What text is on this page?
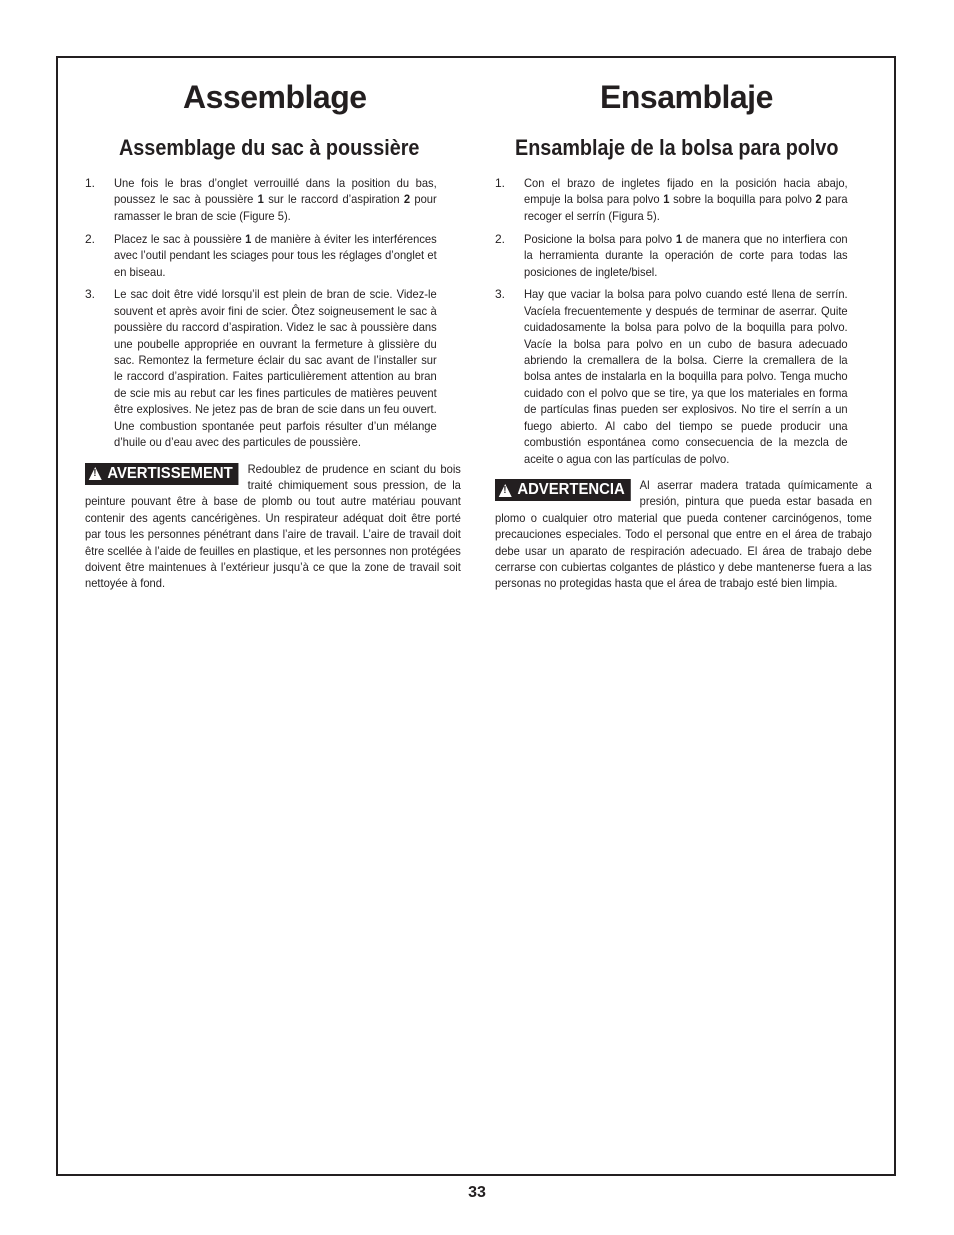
Assemblage
Assemblage du sac à poussière
1.	Une fois le bras d’onglet verrouillé dans la position du bas, poussez le sac à poussière 1 sur le raccord d’aspiration 2 pour ramasser le bran de scie (Figure 5).
2.	Placez le sac à poussière 1 de manière à éviter les interférences avec l’outil pendant les sciages pour tous les réglages d’onglet et en biseau.
3.	Le sac doit être vidé lorsqu’il est plein de bran de scie. Videz-le souvent et après avoir fini de scier. Ôtez soigneusement le sac à poussière du raccord d’aspiration. Videz le sac à poussière dans une poubelle appropriée en ouvrant la fermeture à glissière du sac. Remontez la fermeture éclair du sac avant de l’installer sur le raccord d’aspiration. Faites particulièrement attention au bran de scie mis au rebut car les fines particules de matières peuvent être explosives. Ne jetez pas de bran de scie dans un feu ouvert. Une combustion spontanée peut parfois résulter d’un mélange d’huile ou d’eau avec des particules de poussière.
!
AVERTISSEMENT Redoublez de prudence en sciant du bois traité chimiquement sous pression, de la peinture pouvant être à base de plomb ou tout autre matériau pouvant contenir des agents cancérigènes. Un respirateur adéquat doit être porté par tous les personnes pénétrant dans l’aire de travail. L’aire de travail doit être scellée à l’aide de feuilles en plastique, et les personnes non protégées doivent être maintenues à l’extérieur jusqu’à ce que la zone de travail soit nettoyée à fond.
Ensamblaje
Ensamblaje de la bolsa para polvo
1.	Con el brazo de ingletes fijado en la posición hacia abajo, empuje la bolsa para polvo 1 sobre la boquilla para polvo 2 para recoger el serrín (Figura 5).
2.	Posicione la bolsa para polvo 1 de manera que no interfiera con la herramienta durante la operación de corte para todas las posiciones de inglete/bisel.
3.	Hay que vaciar la bolsa para polvo cuando esté llena de serrín. Vacíela frecuentemente y después de terminar de aserrar. Quite cuidadosamente la bolsa para polvo de la boquilla para polvo. Vacíe la bolsa para polvo en un cubo de basura adecuado abriendo la cremallera de la bolsa. Cierre la cremallera de la bolsa antes de instalarla en la boquilla para polvo. Tenga mucho cuidado con el polvo que se tire, ya que los materiales en forma de partículas finas pueden ser explosivos. No tire el serrín a un fuego abierto. Al cabo del tiempo se puede producir una combustión espontánea como consecuencia de la mezcla de aceite o agua con las partículas de polvo.
!
ADVERTENCIA Al aserrar madera tratada químicamente a presión, pintura que pueda estar basada en plomo o cualquier otro material que pueda contener carcinógenos, tome precauciones especiales. Todo el personal que entre en el área de trabajo debe usar un aparato de respiración adecuado. El área de trabajo debe cerrarse con cubiertas colgantes de plástico y debe mantenerse fuera a las personas no protegidas hasta que el área de trabajo esté bien limpia.
33
